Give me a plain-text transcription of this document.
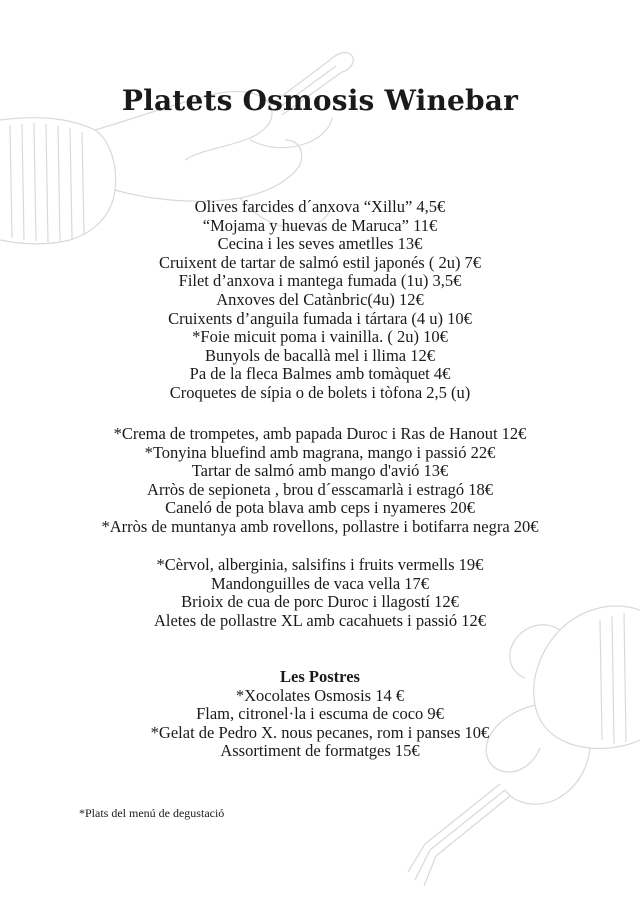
Platets Osmosis Winebar
Olives farcides d´anxova “Xillu” 4,5€
“Mojama y huevas de Maruca” 11€
Cecina i les seves ametlles 13€
Cruixent de tartar de salmó estil japonés ( 2u) 7€
Filet d’anxova i mantega fumada (1u) 3,5€
Anxoves del Catànbric(4u) 12€
Cruixents d’anguila fumada i tártara (4 u) 10€
*Foie micuit poma i vainilla. ( 2u) 10€
Bunyols de bacallà mel i llima 12€
Pa de la fleca Balmes amb tomàquet 4€
Croquetes de sípia o de bolets i tòfona 2,5 (u)
*Crema de trompetes, amb papada Duroc i Ras de Hanout 12€
*Tonyina bluefind amb magrana, mango i passió 22€
Tartar de salmó amb mango d'avió 13€
Arròs de sepioneta , brou d´esscamarlà i estragó 18€
Caneló de pota blava amb ceps i nyameres 20€
*Arròs de muntanya amb rovellons, pollastre i botifarra negra 20€
*Cèrvol, alberginia, salsifins i fruits vermells 19€
Mandonguilles de vaca vella 17€
Brioix de cua de porc Duroc i llagostí 12€
Aletes de pollastre XL amb cacahuets i passió 12€
Les Postres
*Xocolates Osmosis 14 €
Flam, citronel·la i escuma de coco 9€
*Gelat de Pedro X. nous pecanes, rom i panses 10€
Assortiment de formatges 15€
*Plats del menú de degustació
